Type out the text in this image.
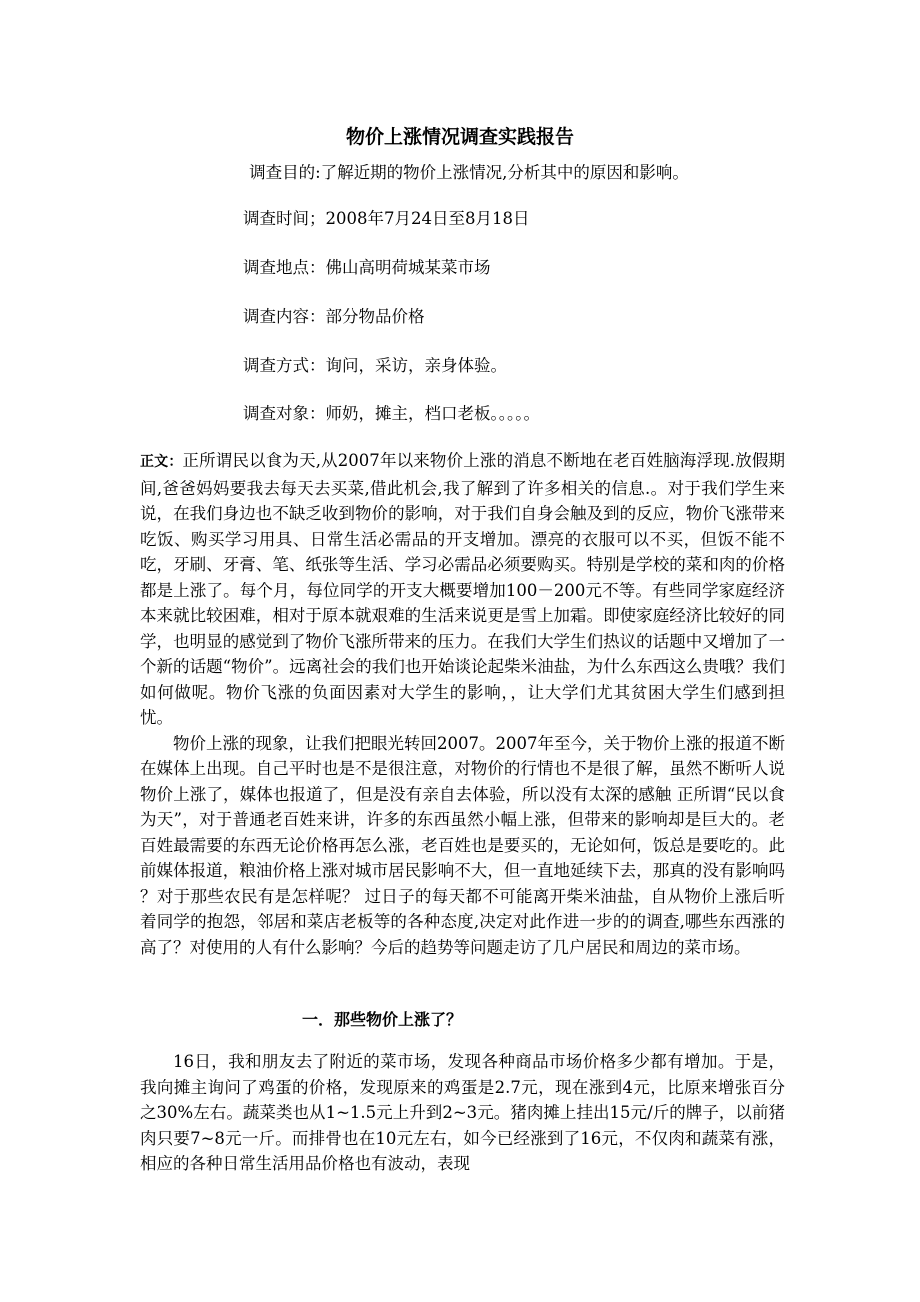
物价上涨情况调查实践报告
调查目的:了解近期的物价上涨情况,分析其中的原因和影响。
调查时间；2008年7月24日至8月18日
调查地点：佛山高明荷城某菜市场
调查内容：部分物品价格
调查方式：询问，采访，亲身体验。
调查对象：师奶，摊主，档口老板。。。。。

正文：正所谓民以食为天,从2007年以来物价上涨的消息不断地在老百姓脑海浮现.放假期间,爸爸妈妈要我去每天去买菜,借此机会,我了解到了许多相关的信息.。对于我们学生来说，在我们身边也不缺乏收到物价的影响，对于我们自身会触及到的反应，物价飞涨带来吃饭、购买学习用具、日常生活必需品的开支增加。漂亮的衣服可以不买，但饭不能不吃，牙刷、牙膏、笔、纸张等生活、学习必需品必须要购买。特别是学校的菜和肉的价格都是上涨了。每个月，每位同学的开支大概要增加100－200元不等。有些同学家庭经济本来就比较困难，相对于原本就艰难的生活来说更是雪上加霜。即使家庭经济比较好的同学，也明显的感觉到了物价飞涨所带来的压力。在我们大学生们热议的话题中又增加了一个新的话题“物价”。远离社会的我们也开始谈论起柴米油盐，为什么东西这么贵哦？我们如何做呢。物价飞涨的负面因素对大学生的影响，，让大学们尤其贫困大学生们感到担忧。

物价上涨的现象，让我们把眼光转回2007。2007年至今，关于物价上涨的报道不断在媒体上出现。自己平时也是不是很注意，对物价的行情也不是很了解，虽然不断听人说物价上涨了，媒体也报道了，但是没有亲自去体验，所以没有太深的感触 正所谓“民以食为天”，对于普通老百姓来讲，许多的东西虽然小幅上涨，但带来的影响却是巨大的。老百姓最需要的东西无论价格再怎么涨，老百姓也是要买的，无论如何，饭总是要吃的。此前媒体报道，粮油价格上涨对城市居民影响不大，但一直地延续下去，那真的没有影响吗 ？对于那些农民有是怎样呢？ 过日子的每天都不可能离开柴米油盐，自从物价上涨后听着同学的抱怨，邻居和菜店老板等的各种态度,决定对此作进一步的的调查,哪些东西涨的高了？对使用的人有什么影响？今后的趋势等问题走访了几户居民和周边的菜市场。

一．那些物价上涨了？

16日，我和朋友去了附近的菜市场，发现各种商品市场价格多少都有增加。于是，我向摊主询问了鸡蛋的价格，发现原来的鸡蛋是2.7元，现在涨到4元，比原来增张百分之30%左右。蔬菜类也从1~1.5元上升到2~3元。猪肉摊上挂出15元/斤的牌子，以前猪肉只要7~8元一斤。而排骨也在10元左右，如今已经涨到了16元，不仅肉和蔬菜有涨，相应的各种日常生活用品价格也有波动，表现
